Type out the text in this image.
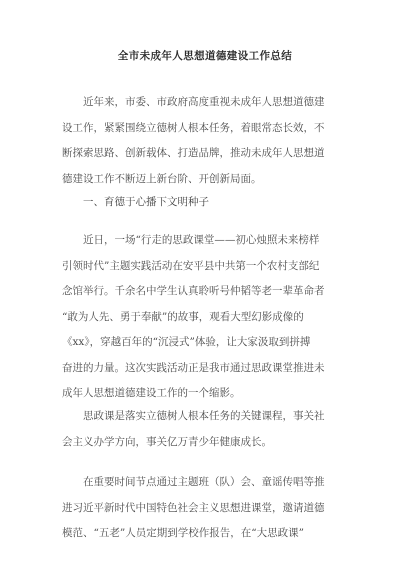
全市未成年人思想道德建设工作总结
　　近年来，市委、市政府高度重视未成年人思想道德建
设工作，紧紧围绕立德树人根本任务，着眼常态长效，不
断探索思路、创新载体、打造品牌，推动未成年人思想道
德建设工作不断迈上新台阶、开创新局面。
　　一、育德于心播下文明种子
　　近日，一场“行走的思政课堂——初心烛照未来榜样
引领时代”主题实践活动在安平县中共第一个农村支部纪
念馆举行。千余名中学生认真聆听号仲韬等老一辈革命者
“敢为人先、勇于奉献”的故事，观看大型幻影成像的
《xx》，穿越百年的“沉浸式”体验，让大家汲取到拼搏
奋进的力量。这次实践活动正是我市通过思政课堂推进未
成年人思想道德建设工作的一个缩影。
　　思政课是落实立德树人根本任务的关键课程，事关社
会主义办学方向，事关亿万青少年健康成长。
　　在重要时间节点通过主题班（队）会、童谣传唱等推
进习近平新时代中国特色社会主义思想进课堂，邀请道德
模范、“五老”人员定期到学校作报告，在“大思政课”
